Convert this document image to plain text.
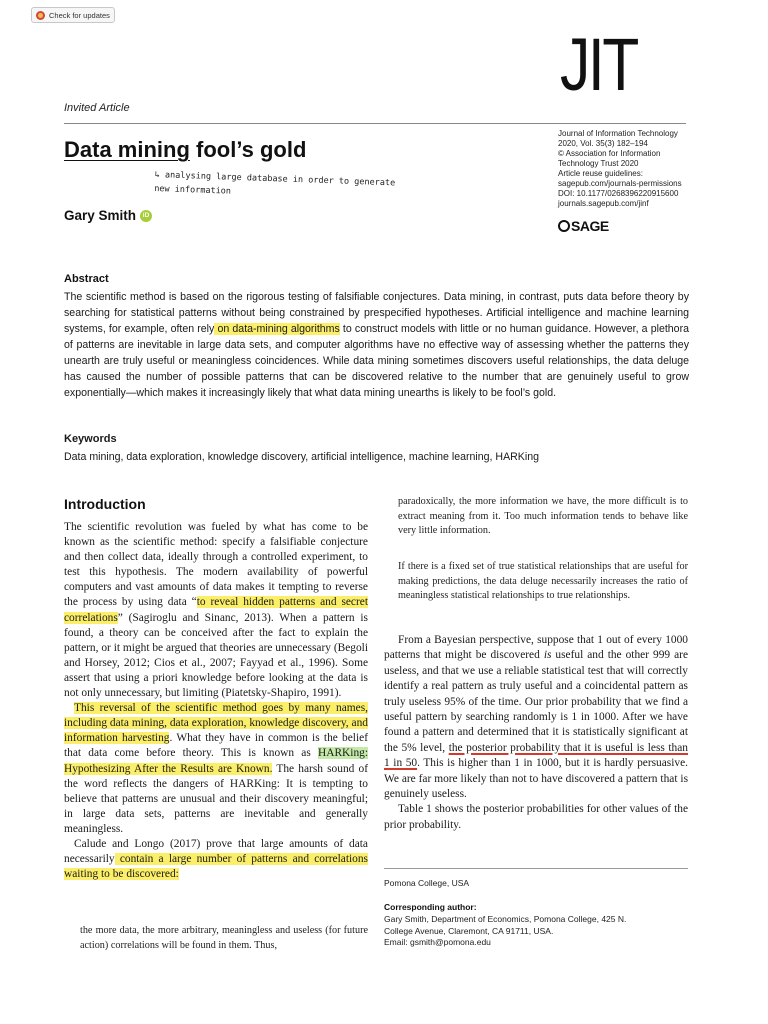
Check for updates
JIT
Invited Article
Data mining fool’s gold
↳ analysing large database in order to generate new information
Gary Smith	iD
Journal of Information Technology
2020, Vol. 35(3) 182–194
© Association for Information
Technology Trust 2020
Article reuse guidelines:
sagepub.com/journals-permissions
DOI: 10.1177/0268396220915600
journals.sagepub.com/jinf
SAGE
Abstract
The scientific method is based on the rigorous testing of falsifiable conjectures. Data mining, in contrast, puts data before theory by searching for statistical patterns without being constrained by prespecified hypotheses. Artificial intelligence and machine learning systems, for example, often rely on data-mining algorithms to construct models with little or no human guidance. However, a plethora of patterns are inevitable in large data sets, and computer algorithms have no effective way of assessing whether the patterns they unearth are truly useful or meaningless coincidences. While data mining sometimes discovers useful relationships, the data deluge has caused the number of possible patterns that can be discovered relative to the number that are genuinely useful to grow exponentially—which makes it increasingly likely that what data mining unearths is likely to be fool’s gold.
Keywords
Data mining, data exploration, knowledge discovery, artificial intelligence, machine learning, HARKing
Introduction

The scientific revolution was fueled by what has come to be known as the scientific method: specify a falsifiable conjecture and then collect data, ideally through a controlled experiment, to test this hypothesis. The modern availability of powerful computers and vast amounts of data makes it tempting to reverse the process by using data “to reveal hidden patterns and secret correlations” (Sagiroglu and Sinanc, 2013). When a pattern is found, a theory can be conceived after the fact to explain the pattern, or it might be argued that theories are unnecessary (Begoli and Horsey, 2012; Cios et al., 2007; Fayyad et al., 1996). Some assert that using a priori knowledge before looking at the data is not only unnecessary, but limiting (Piatetsky-Shapiro, 1991).

This reversal of the scientific method goes by many names, including data mining, data exploration, knowledge discovery, and information harvesting. What they have in common is the belief that data come before theory. This is known as HARKing: Hypothesizing After the Results are Known. The harsh sound of the word reflects the dangers of HARKing: It is tempting to believe that patterns are unusual and their discovery meaningful; in large data sets, patterns are inevitable and generally meaningless.

Calude and Longo (2017) prove that large amounts of data necessarily contain a large number of patterns and correlations waiting to be discovered:

the more data, the more arbitrary, meaningless and useless (for future action) correlations will be found in them. Thus,
paradoxically, the more information we have, the more difficult is to extract meaning from it. Too much information tends to behave like very little information.
If there is a fixed set of true statistical relationships that are useful for making predictions, the data deluge necessarily increases the ratio of meaningless statistical relationships to true relationships.

From a Bayesian perspective, suppose that 1 out of every 1000 patterns that might be discovered is useful and the other 999 are useless, and that we use a reliable statistical test that will correctly identify a real pattern as truly useful and a coincidental pattern as truly useless 95% of the time. Our prior probability that we find a useful pattern by searching randomly is 1 in 1000. After we have found a pattern and determined that it is statistically significant at the 5% level, the posterior probability that it is useful is less than 1 in 50. This is higher than 1 in 1000, but it is hardly persuasive. We are far more likely than not to have discovered a pattern that is genuinely useless.

Table 1 shows the posterior probabilities for other values of the prior probability.

Pomona College, USA
Corresponding author:
Gary Smith, Department of Economics, Pomona College, 425 N.
College Avenue, Claremont, CA 91711, USA.
Email: gsmith@pomona.edu
